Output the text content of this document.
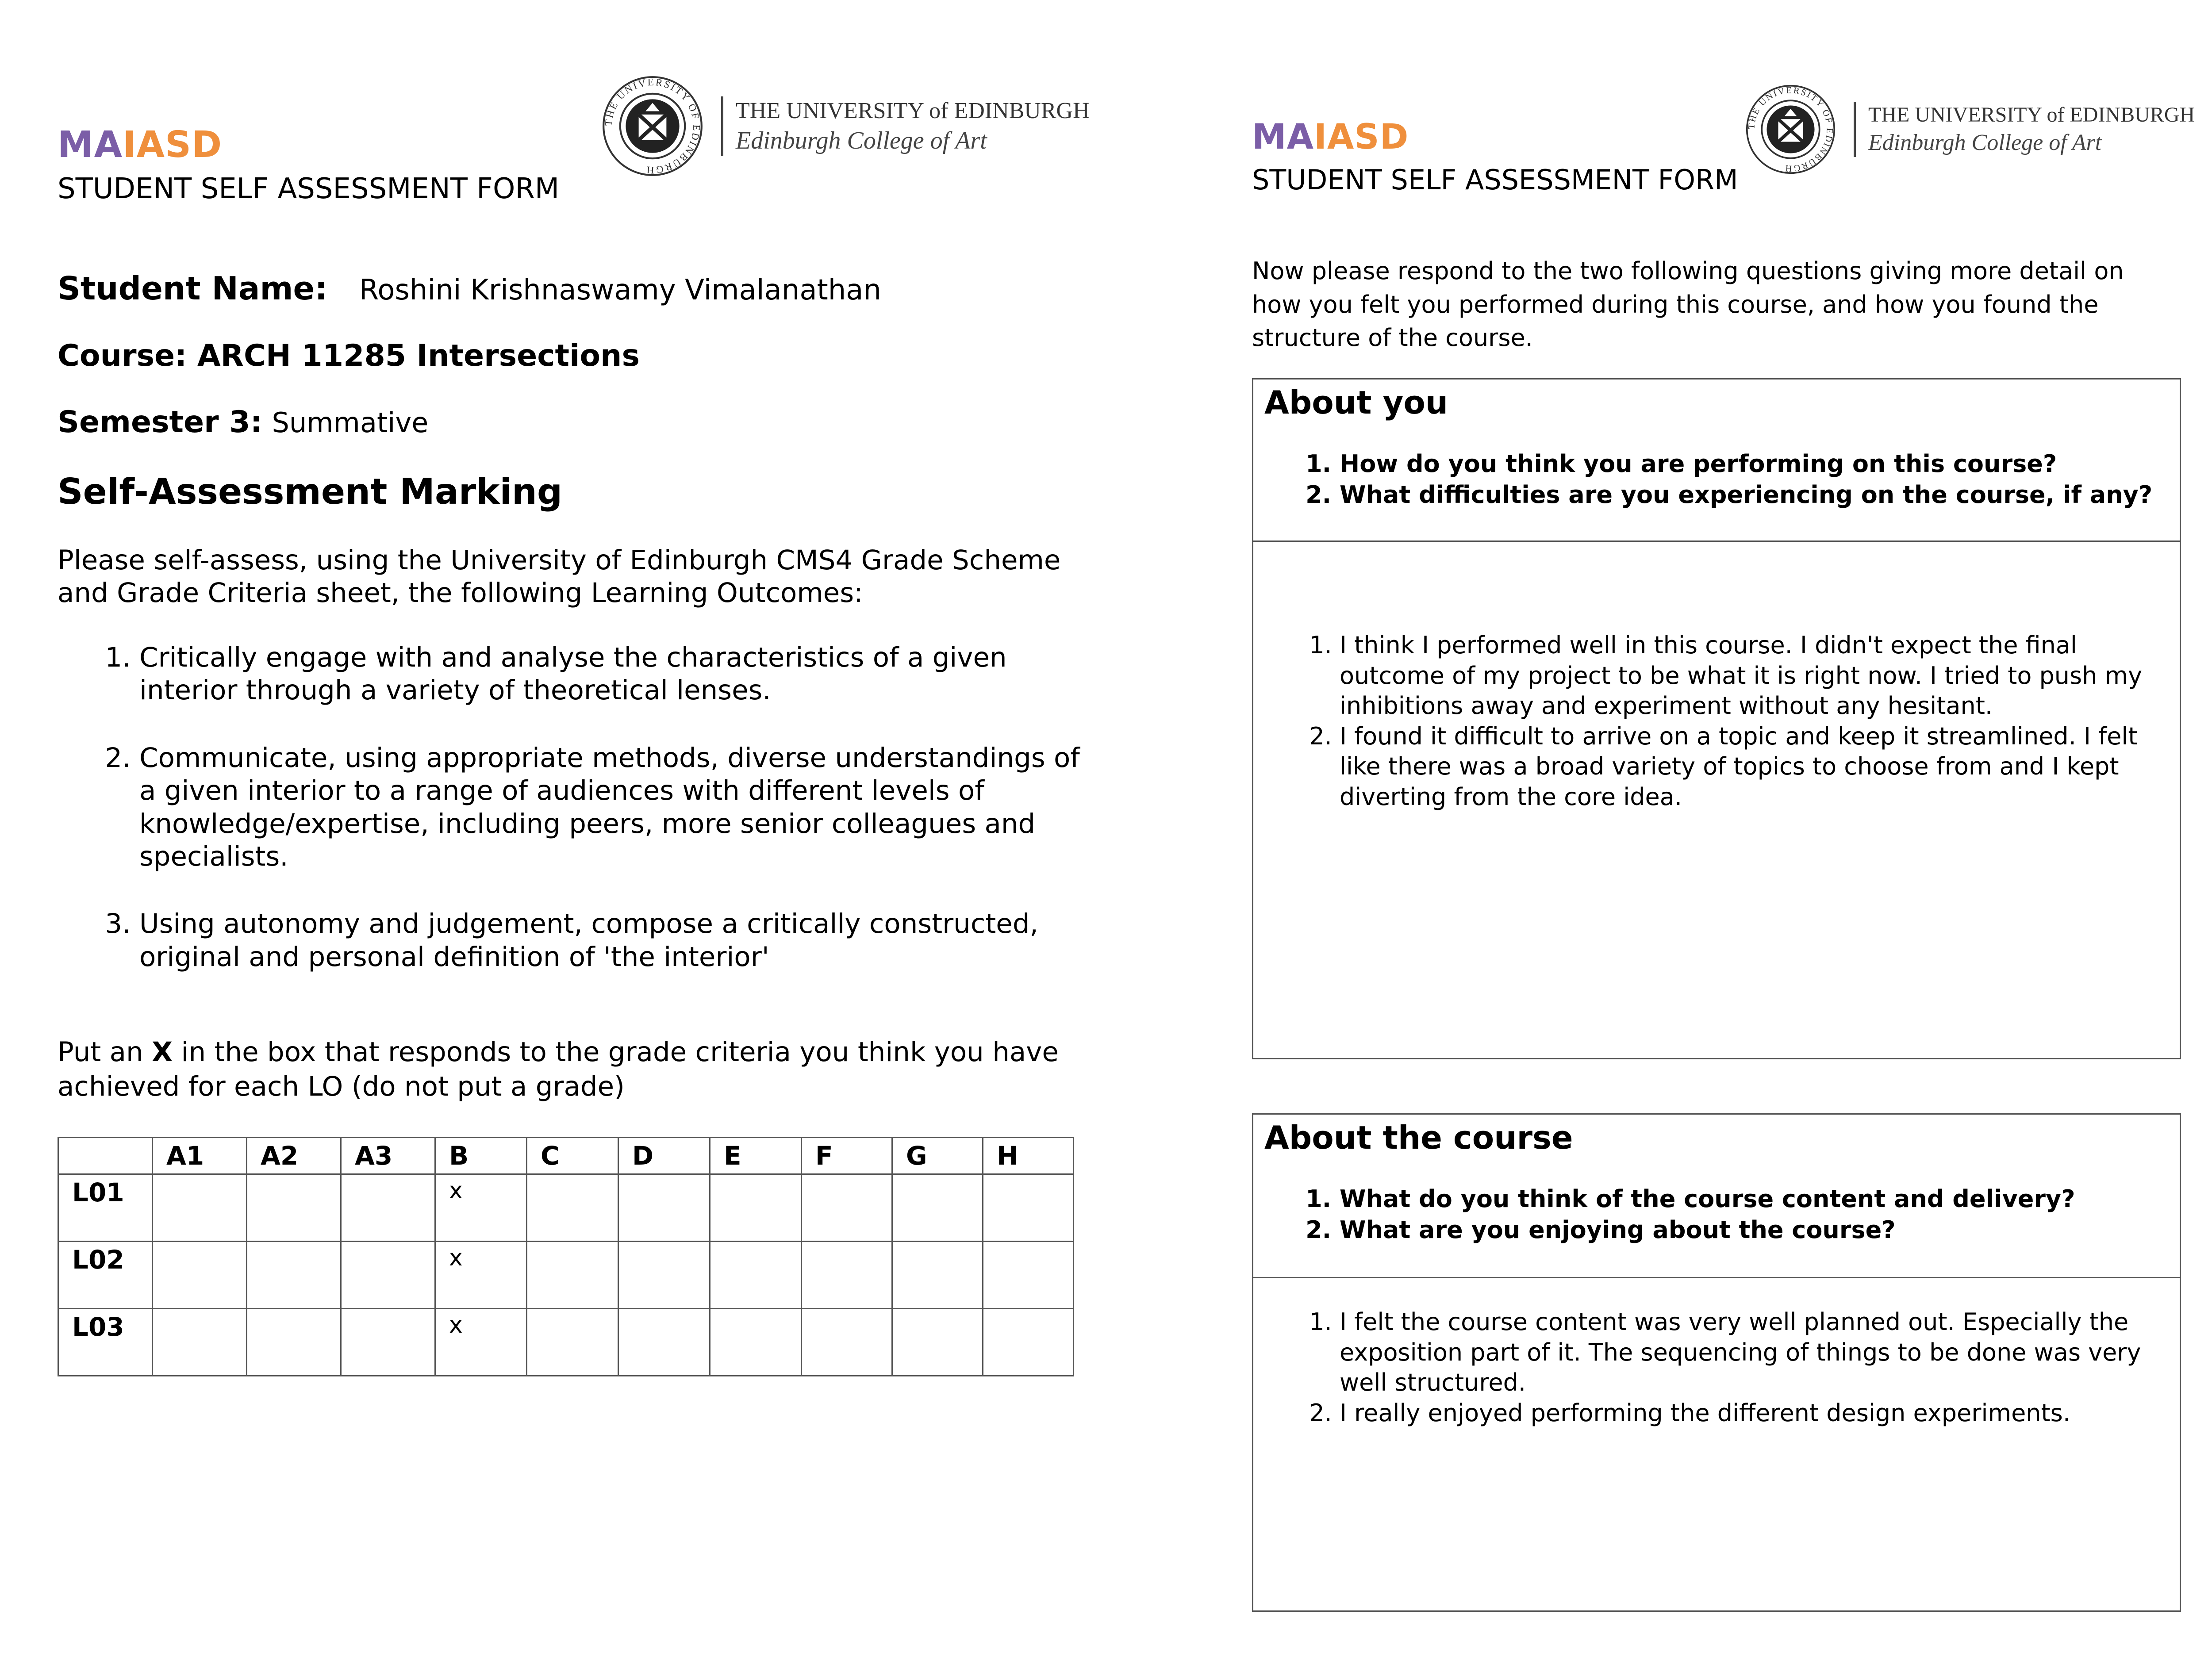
MAIASD
STUDENT SELF ASSESSMENT FORM
THE UNIVERSITY OF EDINBURGH
THE UNIVERSITY of EDINBURGH
Edinburgh College of Art
Student Name: Roshini Krishnaswamy Vimalanathan
Course: ARCH 11285 Intersections
Semester 3: Summative
Self-Assessment Marking
Please self-assess, using the University of Edinburgh CMS4 Grade Scheme and Grade Criteria sheet, the following Learning Outcomes:
1. Critically engage with and analyse the characteristics of a given interior through a variety of theoretical lenses.
2. Communicate, using appropriate methods, diverse understandings of a given interior to a range of audiences with different levels of knowledge/expertise, including peers, more senior colleagues and specialists.
3. Using autonomy and judgement, compose a critically constructed, original and personal definition of 'the interior'
Put an X in the box that responds to the grade criteria you think you have achieved for each LO (do not put a grade)
	A1	A2	A3	B	C	D	E	F	G	H
L01				x						
L02				x						
L03				x						
MAIASD
STUDENT SELF ASSESSMENT FORM
THE UNIVERSITY OF EDINBURGH
THE UNIVERSITY of EDINBURGH
Edinburgh College of Art
Now please respond to the two following questions giving more detail on how you felt you performed during this course, and how you found the structure of the course.
About you
1. How do you think you are performing on this course?
2. What difficulties are you experiencing on the course, if any?
1. I think I performed well in this course. I didn't expect the final outcome of my project to be what it is right now. I tried to push my inhibitions away and experiment without any hesitant.
2. I found it difficult to arrive on a topic and keep it streamlined. I felt like there was a broad variety of topics to choose from and I kept diverting from the core idea.
About the course
1. What do you think of the course content and delivery?
2. What are you enjoying about the course?
1. I felt the course content was very well planned out. Especially the exposition part of it. The sequencing of things to be done was very well structured.
2. I really enjoyed performing the different design experiments.
